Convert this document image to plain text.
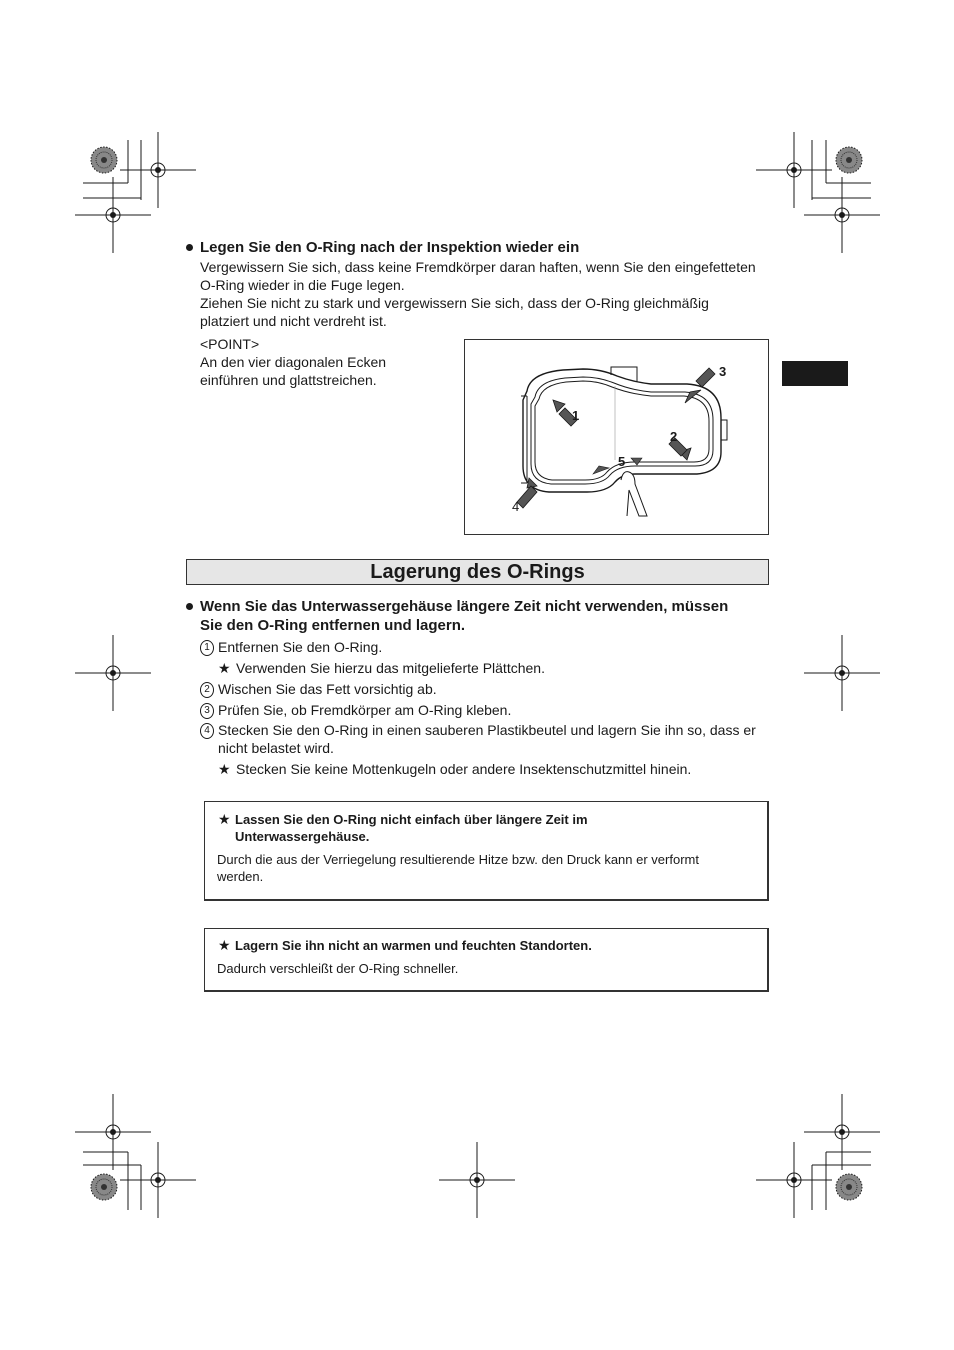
Legen Sie den O-Ring nach der Inspektion wieder ein
Vergewissern Sie sich, dass keine Fremdkörper daran haften, wenn Sie den eingefetteten
O-Ring wieder in die Fuge legen.
Ziehen Sie nicht zu stark und vergewissern Sie sich, dass der O-Ring gleichmäßig
platziert und nicht verdreht ist.
<POINT>
An den vier diagonalen Ecken
einführen und glattstreichen.
1
2
3
4
5
Lagerung des O-Rings
Wenn Sie das Unterwassergehäuse längere Zeit nicht verwenden, müssen
Sie den O-Ring entfernen und lagern.
1 Entfernen Sie den O-Ring.
★ Verwenden Sie hierzu das mitgelieferte Plättchen.
2 Wischen Sie das Fett vorsichtig ab.
3 Prüfen Sie, ob Fremdkörper am O-Ring kleben.
4 Stecken Sie den O-Ring in einen sauberen Plastikbeutel und lagern Sie ihn so, dass er
nicht belastet wird.
★ Stecken Sie keine Mottenkugeln oder andere Insektenschutzmittel hinein.
★ Lassen Sie den O-Ring nicht einfach über längere Zeit im
Unterwassergehäuse.
Durch die aus der Verriegelung resultierende Hitze bzw. den Druck kann er verformt
werden.
★ Lagern Sie ihn nicht an warmen und feuchten Standorten.
Dadurch verschleißt der O-Ring schneller.
